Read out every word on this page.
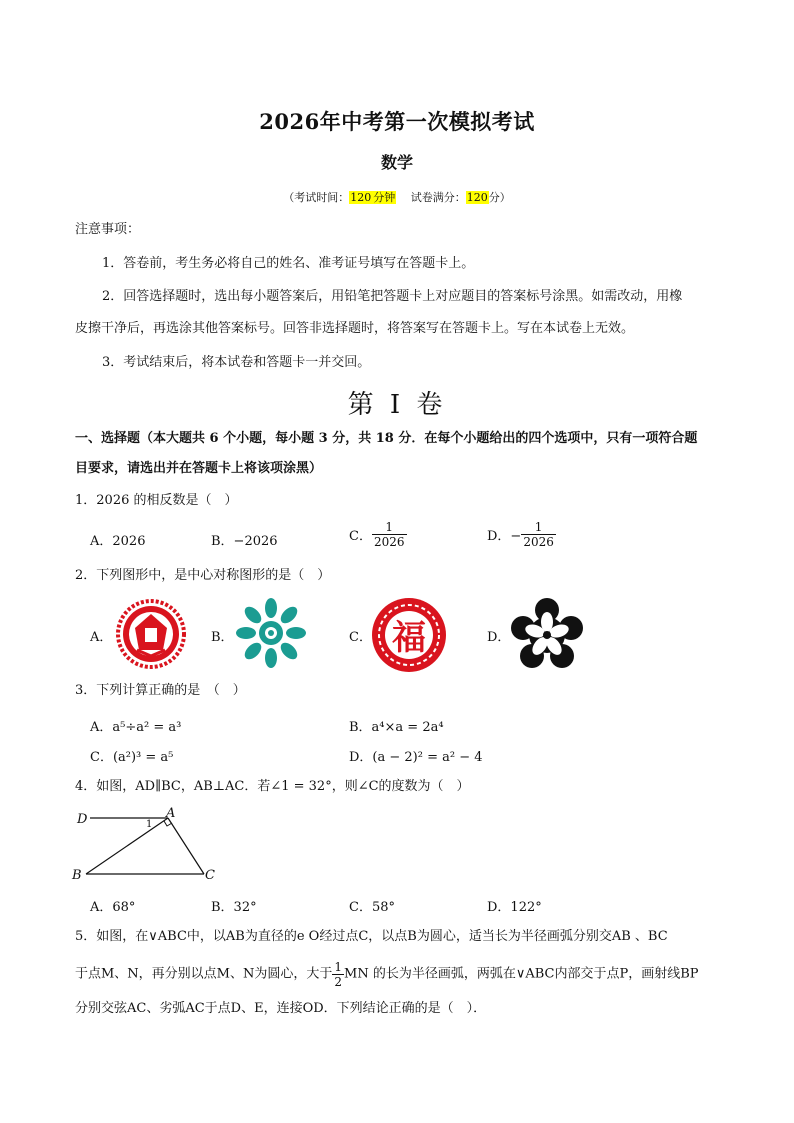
2026年中考第一次模拟考试
数学
（考试时间：120 分钟 　 试卷满分：120分）
注意事项：
1．答卷前，考生务必将自己的姓名、准考证号填写在答题卡上。
2．回答选择题时，选出每小题答案后，用铅笔把答题卡上对应题目的答案标号涂黑。如需改动，用橡
皮擦干净后，再选涂其他答案标号。回答非选择题时，将答案写在答题卡上。写在本试卷上无效。
3．考试结束后，将本试卷和答题卡一并交回。
第 I 卷
一、选择题（本大题共 6 个小题，每小题 3 分，共 18 分．在每个小题给出的四个选项中，只有一项符合题
目要求，请选出并在答题卡上将该项涂黑）
1．2026 的相反数是（　）
A．2026	B．−2026	C． $\frac{1}{2026}$	D．− $\frac{1}{2026}$
2．下列图形中，是中心对称图形的是（　）
A．	B．	C．	D．
福
3．下列计算正确的是　（　）
A．a⁵÷a² = a³	B．a⁴×a = 2a⁴
C．(a²)³ = a⁵	D．(a − 2)² = a² − 4
4．如图，AD∥BC，AB⊥AC．若∠1 = 32°，则∠C的度数为（　）
D	A
1
B	C
A．68°	B．32°	C．58°	D．122°
5．如图，在∨ABC中，以AB为直径的e O经过点C，以点B为圆心，适当长为半径画弧分别交AB 、BC
于点M、N，再分别以点M、N为圆心，大于 $\frac{1}{2}$ MN 的长为半径画弧，两弧在∨ABC内部交于点P，画射线BP
分别交弦AC、劣弧AC于点D、E，连接OD．下列结论正确的是（　）．
